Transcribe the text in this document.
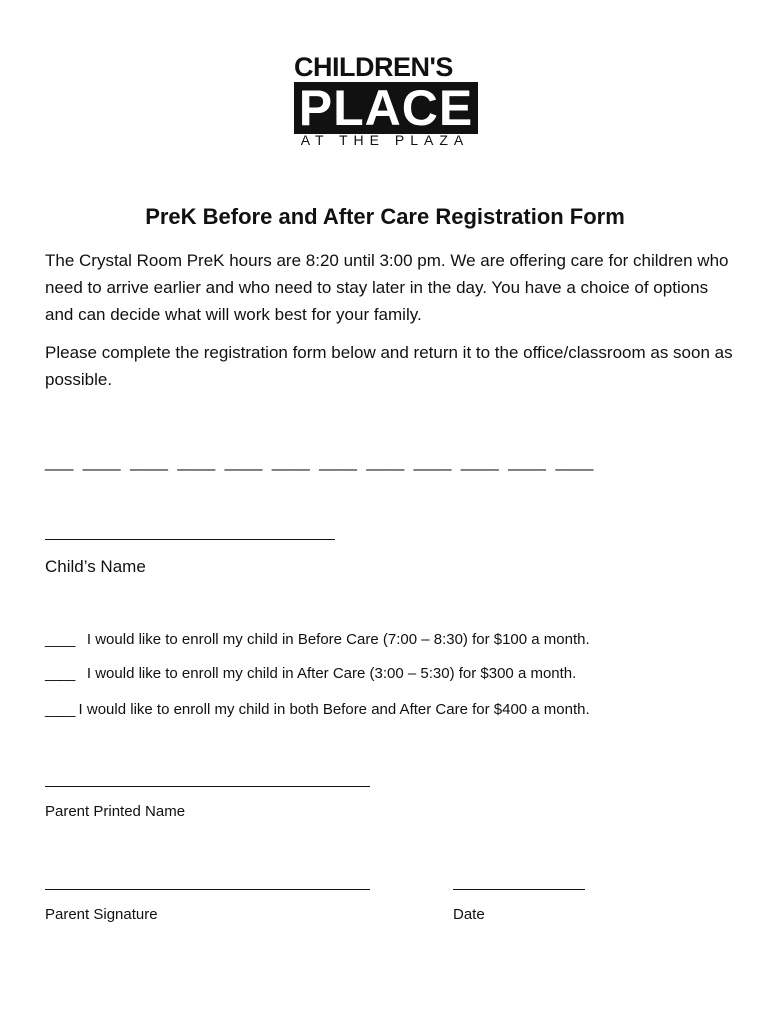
CHILDREN'S
PLACE
AT THE PLAZA
PreK Before and After Care Registration Form

The Crystal Room PreK hours are 8:20 until 3:00 pm. We are offering care for children who need to arrive earlier and who need to stay later in the day. You have a choice of options and can decide what will work best for your family.

Please complete the registration form below and return it to the office/classroom as soon as possible.

___  ____  ____  ____  ____  ____  ____  ____  ____  ____  ____  ____
Child’s Name
____ I would like to enroll my child in Before Care (7:00 – 8:30) for $100 a month.
____ I would like to enroll my child in After Care (3:00 – 5:30) for $300 a month.
____ I would like to enroll my child in both Before and After Care for $400 a month.
Parent Printed Name
Parent Signature	Date
